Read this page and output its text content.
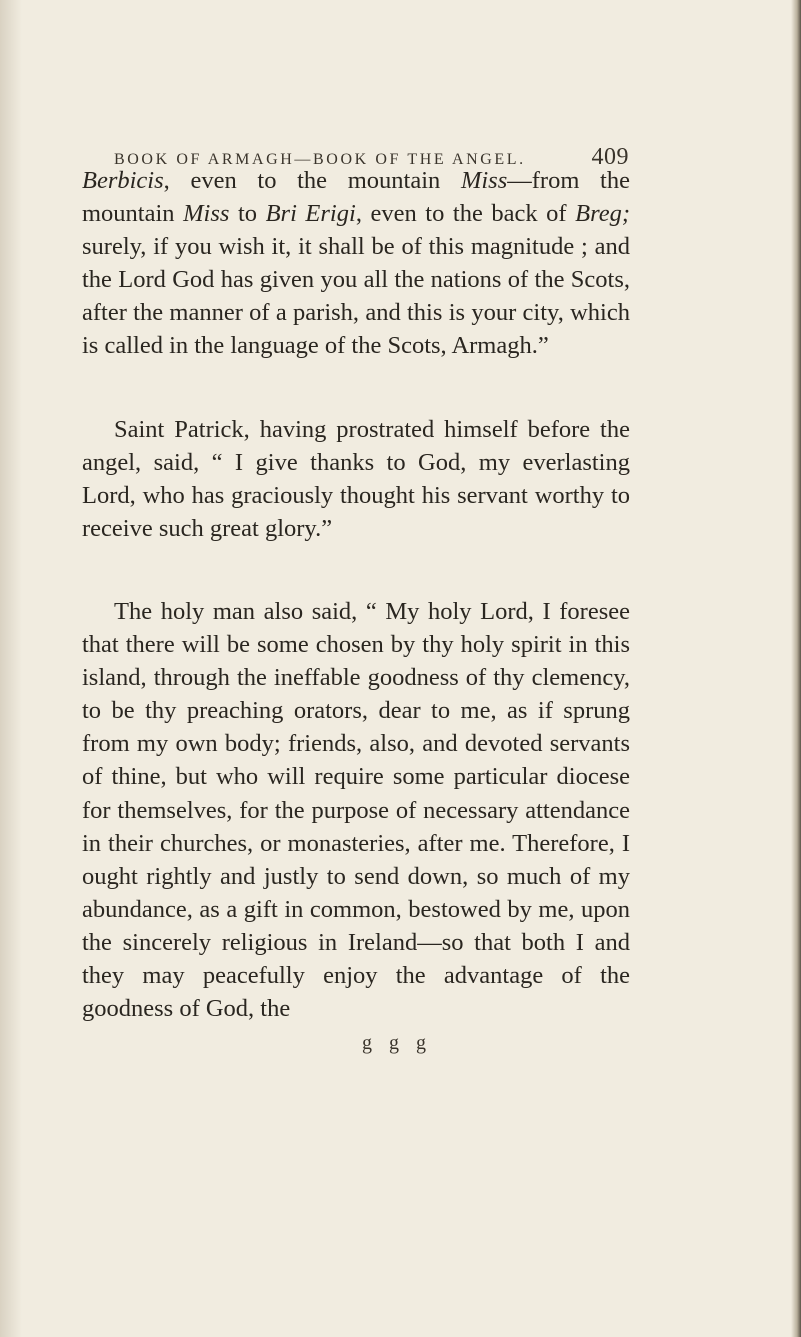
BOOK OF ARMAGH—BOOK OF THE ANGEL.	409

Berbicis, even to the mountain Miss—from the mountain Miss to Bri Erigi, even to the back of Breg; surely, if you wish it, it shall be of this magnitude ; and the Lord God has given you all the nations of the Scots, after the manner of a parish, and this is your city, which is called in the language of the Scots, Armagh.”

Saint Patrick, having prostrated himself before the angel, said, “ I give thanks to God, my everlasting Lord, who has graciously thought his servant worthy to receive such great glory.”

The holy man also said, “ My holy Lord, I foresee that there will be some chosen by thy holy spirit in this island, through the ineffable goodness of thy clemency, to be thy preaching orators, dear to me, as if sprung from my own body; friends, also, and devoted servants of thine, but who will require some particular diocese for themselves, for the purpose of necessary attendance in their churches, or monasteries, after me. Therefore, I ought rightly and justly to send down, so much of my abundance, as a gift in common, bestowed by me, upon the sincerely religious in Ireland—so that both I and they may peacefully enjoy the advantage of the goodness of God, the

g g g
